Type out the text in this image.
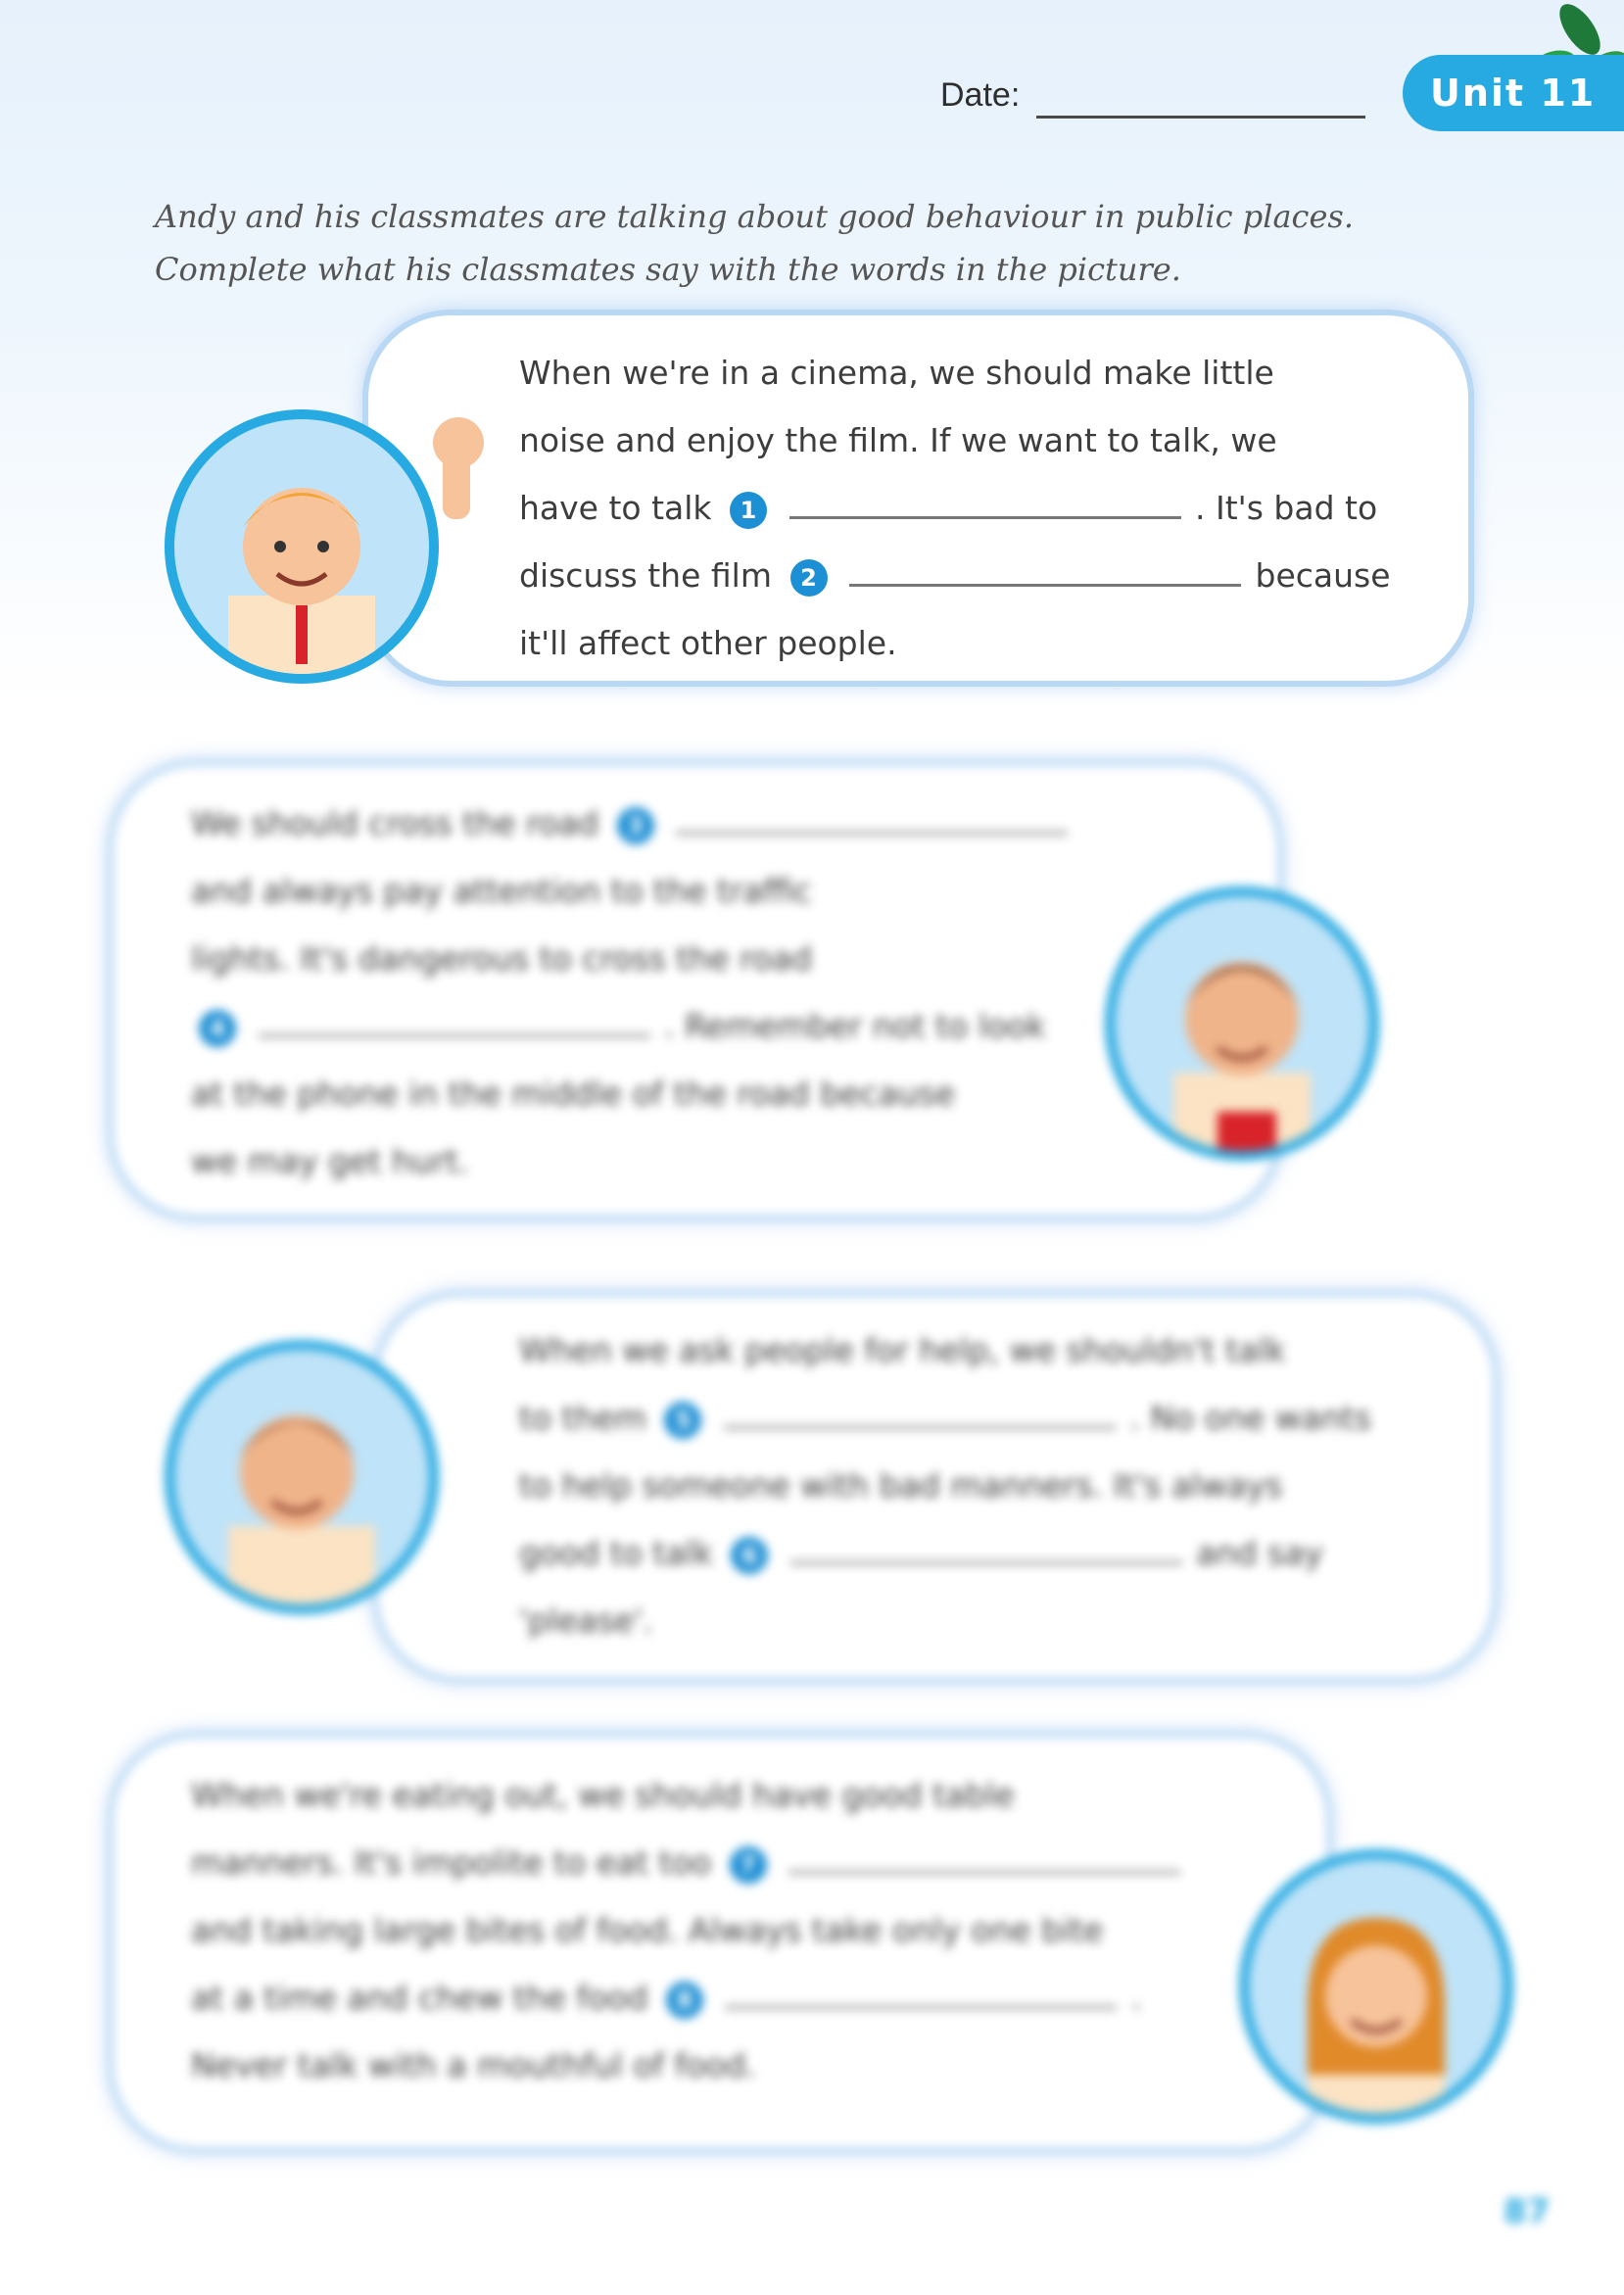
Date:	Unit 11
Andy and his classmates are talking about good behaviour in public places. Complete what his classmates say with the words in the picture.
When we're in a cinema, we should make little
noise and enjoy the film. If we want to talk, we
have to talk 1	. It's bad to
discuss the film 2	because
it'll affect other people.
We should cross the road 3
and always pay attention to the traffic
lights. It's dangerous to cross the road
4	. Remember not to look
at the phone in the middle of the road because
we may get hurt.
When we ask people for help, we shouldn't talk
to them 5	. No one wants
to help someone with bad manners. It's always
good to talk 6	and say
'please'.
When we're eating out, we should have good table
manners. It's impolite to eat too 7
and taking large bites of food. Always take only one bite
at a time and chew the food 8	.
Never talk with a mouthful of food.
87
